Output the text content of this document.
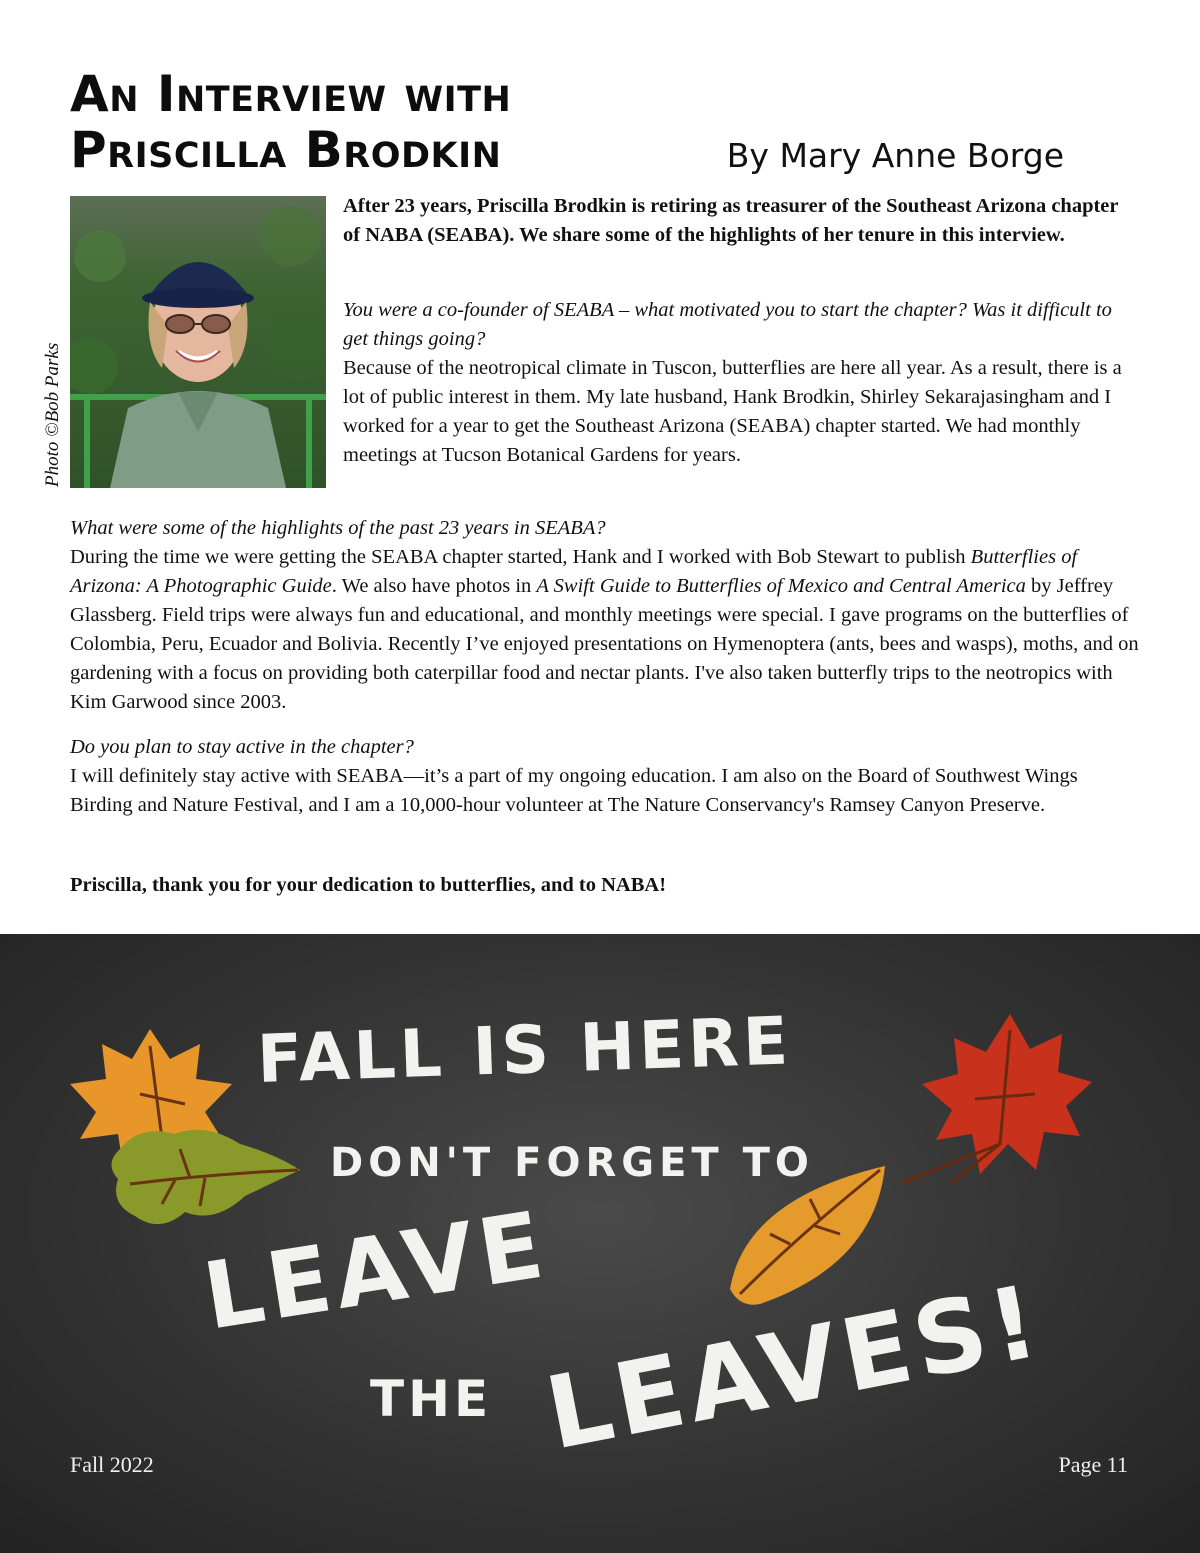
An Interview with
Priscilla Brodkin	By Mary Anne Borge
Photo ©Bob Parks

After 23 years, Priscilla Brodkin is retiring as treasurer of the Southeast Arizona chapter of NABA (SEABA). We share some of the highlights of her tenure in this interview.

You were a co-founder of SEABA – what motivated you to start the chapter? Was it difficult to get things going?

Because of the neotropical climate in Tuscon, butterflies are here all year. As a result, there is a lot of public interest in them. My late husband, Hank Brodkin, Shirley Sekarajasingham and I worked for a year to get the Southeast Arizona (SEABA) chapter started. We had monthly meetings at Tucson Botanical Gardens for years.

What were some of the highlights of the past 23 years in SEABA?

During the time we were getting the SEABA chapter started, Hank and I worked with Bob Stewart to publish Butterflies of Arizona: A Photographic Guide. We also have photos in A Swift Guide to Butterflies of Mexico and Central America by Jeffrey Glassberg. Field trips were always fun and educational, and monthly meetings were special. I gave programs on the butterflies of Colombia, Peru, Ecuador and Bolivia. Recently I’ve enjoyed presentations on Hymenoptera (ants, bees and wasps), moths, and on gardening with a focus on providing both caterpillar food and nectar plants. I've also taken butterfly trips to the neotropics with Kim Garwood since 2003.

Do you plan to stay active in the chapter?

I will definitely stay active with SEABA—it’s a part of my ongoing education. I am also on the Board of Southwest Wings Birding and Nature Festival, and I am a 10,000-hour volunteer at The Nature Conservancy's Ramsey Canyon Preserve.

Priscilla, thank you for your dedication to butterflies, and to NABA!

FALL IS HERE
DON'T FORGET TO
LEAVE
THE LEAVES!
Fall 2022	Page 11
